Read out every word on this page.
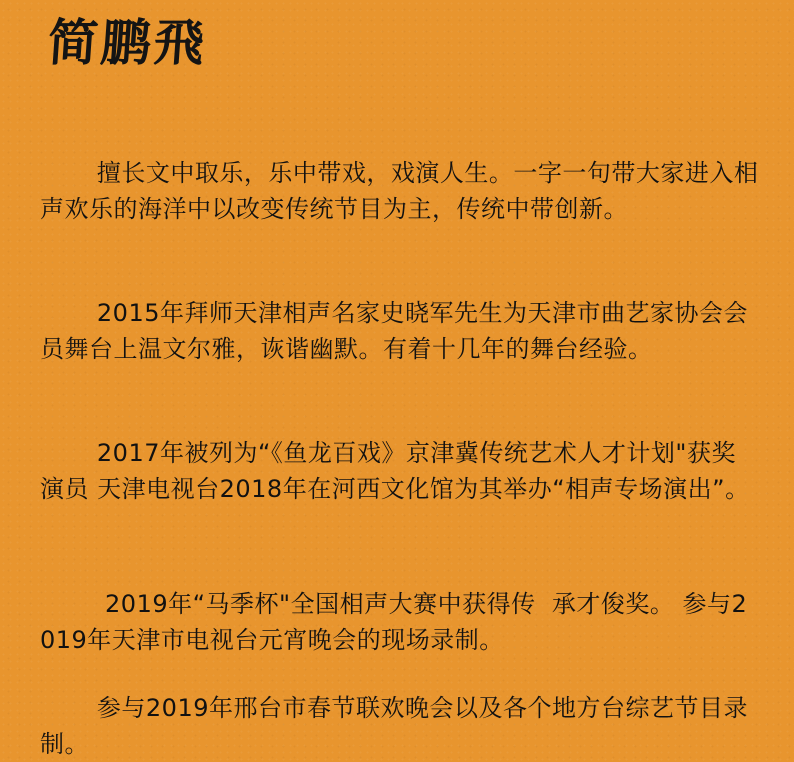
简鹏飛

擅长文中取乐，乐中带戏，戏演人生。一字一句带大家进入相声欢乐的海洋中以改变传统节目为主，传统中带创新。

2015年拜师天津相声名家史晓军先生为天津市曲艺家协会会员舞台上温文尔雅，诙谐幽默。有着十几年的舞台经验。

2017年被列为“《鱼龙百戏》京津冀传统艺术人才计划"获奖演员 天津电视台2018年在河西文化馆为其举办“相声专场演出”。

2019年“马季杯"全国相声大赛中获得传  承才俊奖。 参与2019年天津市电视台元宵晚会的现场录制。

参与2019年邢台市春节联欢晚会以及各个地方台综艺节目录制。
